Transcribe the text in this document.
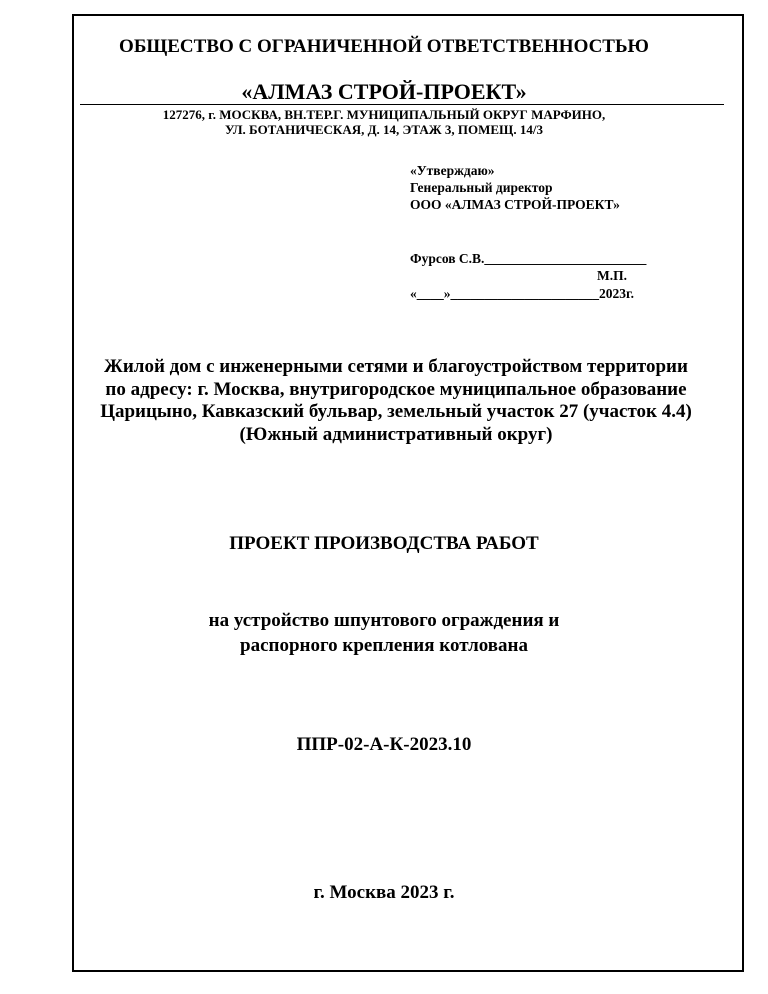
ОБЩЕСТВО С ОГРАНИЧЕННОЙ ОТВЕТСТВЕННОСТЬЮ
«АЛМАЗ СТРОЙ-ПРОЕКТ»
127276, г. МОСКВА, ВН.ТЕР.Г. МУНИЦИПАЛЬНЫЙ ОКРУГ МАРФИНО,
УЛ. БОТАНИЧЕСКАЯ, Д. 14, ЭТАЖ 3, ПОМЕЩ. 14/3
«Утверждаю»
Генеральный директор
ООО «АЛМАЗ СТРОЙ-ПРОЕКТ»
Фурсов С.В.________________________
М.П.
«____»______________________2023г.
Жилой дом с инженерными сетями и благоустройством территории
по адресу: г. Москва, внутригородское муниципальное образование
Царицыно, Кавказский бульвар, земельный участок 27 (участок 4.4)
(Южный административный округ)
ПРОЕКТ ПРОИЗВОДСТВА РАБОТ
на устройство шпунтового ограждения и
распорного крепления котлована
ППР-02-А-К-2023.10
г. Москва 2023 г.
